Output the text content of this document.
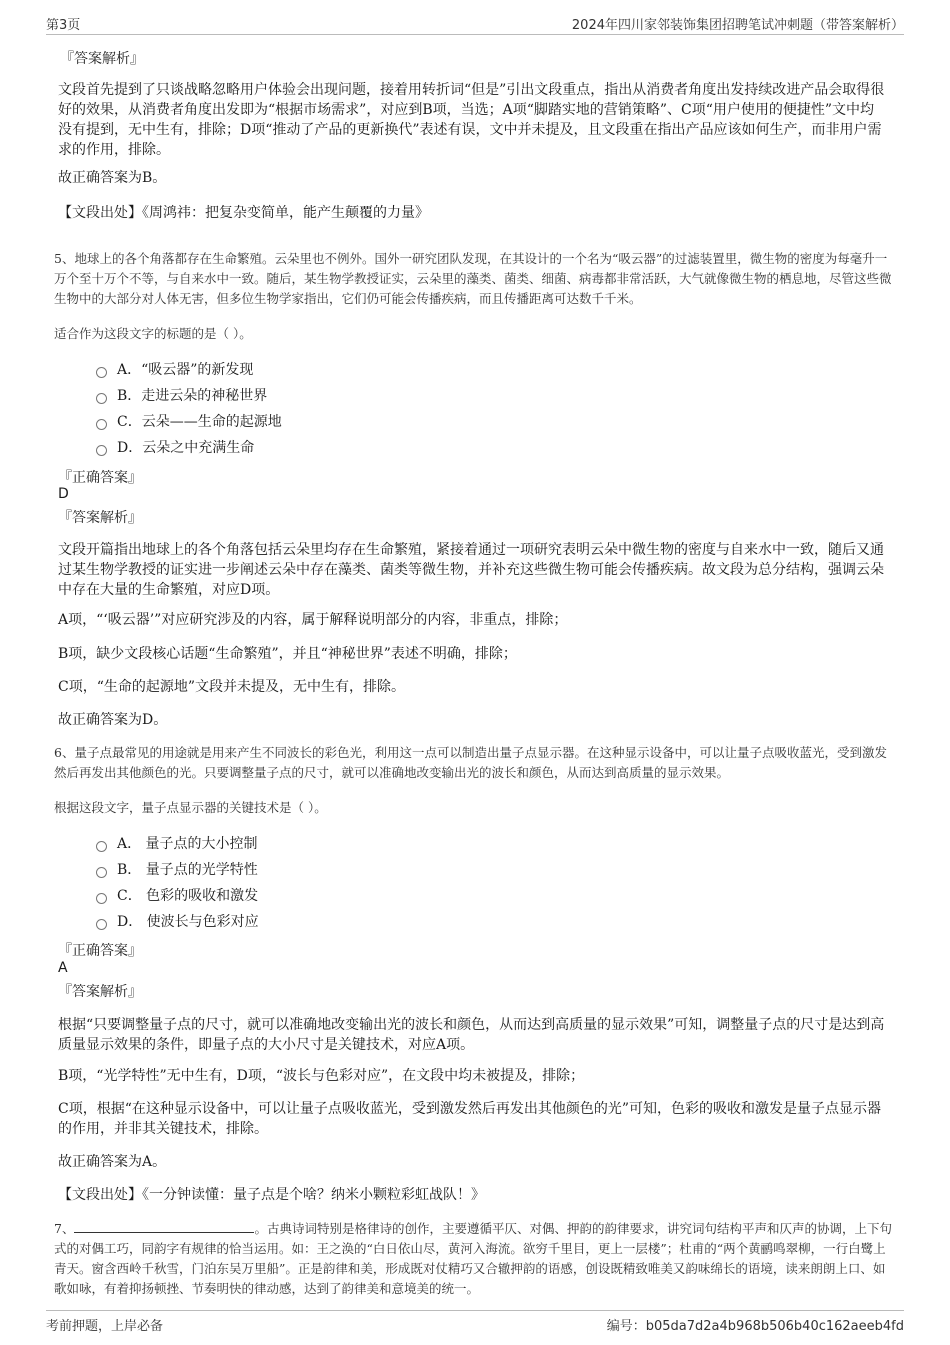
第3页	2024年四川家邻装饰集团招聘笔试冲刺题（带答案解析）
『答案解析』
文段首先提到了只谈战略忽略用户体验会出现问题，接着用转折词“但是”引出文段重点，指出从消费者角度出发持续改进产品会取得很好的效果，从消费者角度出发即为“根据市场需求”，对应到B项，当选；A项“脚踏实地的营销策略”、C项“用户使用的便捷性”文中均没有提到，无中生有，排除；D项“推动了产品的更新换代”表述有误，文中并未提及，且文段重在指出产品应该如何生产，而非用户需求的作用，排除。
故正确答案为B。
【文段出处】《周鸿祎：把复杂变简单，能产生颠覆的力量》
5、地球上的各个角落都存在生命繁殖。云朵里也不例外。国外一研究团队发现，在其设计的一个名为“吸云器”的过滤装置里，微生物的密度为每毫升一万个至十万个不等，与自来水中一致。随后，某生物学教授证实，云朵里的藻类、菌类、细菌、病毒都非常活跃，大气就像微生物的栖息地，尽管这些微生物中的大部分对人体无害，但多位生物学家指出，它们仍可能会传播疾病，而且传播距离可达数千千米。
适合作为这段文字的标题的是（ ）。
A．“吸云器”的新发现
B．走进云朵的神秘世界
C．云朵——生命的起源地
D．云朵之中充满生命
『正确答案』
D
『答案解析』
文段开篇指出地球上的各个角落包括云朵里均存在生命繁殖，紧接着通过一项研究表明云朵中微生物的密度与自来水中一致，随后又通过某生物学教授的证实进一步阐述云朵中存在藻类、菌类等微生物，并补充这些微生物可能会传播疾病。故文段为总分结构，强调云朵中存在大量的生命繁殖，对应D项。
A项，“‘吸云器’”对应研究涉及的内容，属于解释说明部分的内容，非重点，排除；
B项，缺少文段核心话题“生命繁殖”，并且“神秘世界”表述不明确，排除；
C项，“生命的起源地”文段并未提及，无中生有，排除。
故正确答案为D。
6、量子点最常见的用途就是用来产生不同波长的彩色光，利用这一点可以制造出量子点显示器。在这种显示设备中，可以让量子点吸收蓝光，受到激发然后再发出其他颜色的光。只要调整量子点的尺寸，就可以准确地改变输出光的波长和颜色，从而达到高质量的显示效果。
根据这段文字，量子点显示器的关键技术是（ ）。
A． 量子点的大小控制
B． 量子点的光学特性
C． 色彩的吸收和激发
D． 使波长与色彩对应
『正确答案』
A
『答案解析』
根据“只要调整量子点的尺寸，就可以准确地改变输出光的波长和颜色，从而达到高质量的显示效果”可知，调整量子点的尺寸是达到高质量显示效果的条件，即量子点的大小尺寸是关键技术，对应A项。
B项，“光学特性”无中生有，D项，“波长与色彩对应”，在文段中均未被提及，排除；
C项，根据“在这种显示设备中，可以让量子点吸收蓝光，受到激发然后再发出其他颜色的光”可知，色彩的吸收和激发是量子点显示器的作用，并非其关键技术，排除。
故正确答案为A。
【文段出处】《一分钟读懂：量子点是个啥？纳米小颗粒彩虹战队！》
7、	。古典诗词特别是格律诗的创作，主要遵循平仄、对偶、押韵的韵律要求，讲究词句结构平声和仄声的协调，上下句式的对偶工巧，同韵字有规律的恰当运用。如：王之涣的“白日依山尽，黄河入海流。欲穷千里目，更上一层楼”；杜甫的“两个黄鹂鸣翠柳，一行白鹭上青天。窗含西岭千秋雪，门泊东吴万里船”。正是韵律和美，形成既对仗精巧又合辙押韵的语感，创设既精致唯美又韵味绵长的语境，读来朗朗上口、如歌如咏，有着抑扬顿挫、节奏明快的律动感，达到了韵律美和意境美的统一。
考前押题，上岸必备	编号：b05da7d2a4b968b506b40c162aeeb4fd
